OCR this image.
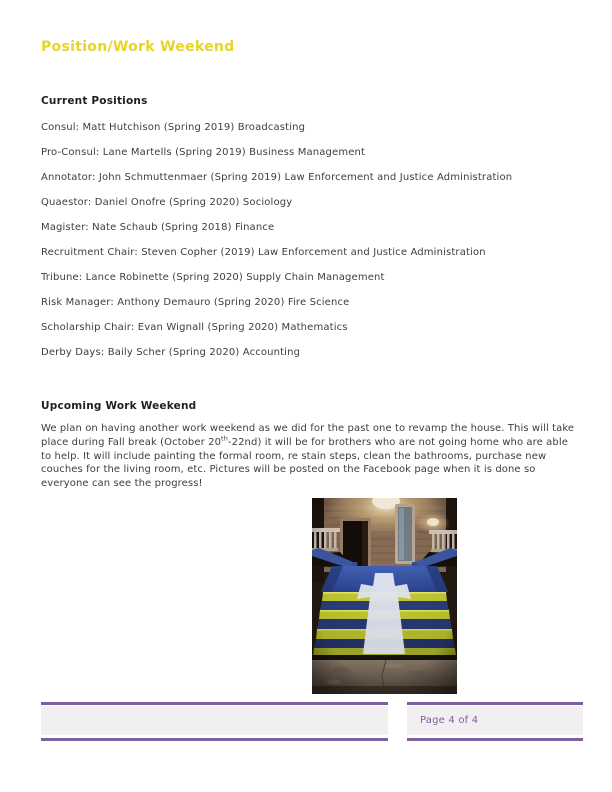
Position/Work Weekend
Current Positions

Consul: Matt Hutchison (Spring 2019) Broadcasting

Pro-Consul: Lane Martells (Spring 2019) Business Management

Annotator: John Schmuttenmaer (Spring 2019) Law Enforcement and Justice Administration

Quaestor: Daniel Onofre (Spring 2020) Sociology

Magister: Nate Schaub (Spring 2018) Finance

Recruitment Chair: Steven Copher (2019) Law Enforcement and Justice Administration

Tribune: Lance Robinette (Spring 2020) Supply Chain Management

Risk Manager: Anthony Demauro (Spring 2020) Fire Science

Scholarship Chair: Evan Wignall (Spring 2020) Mathematics

Derby Days: Baily Scher (Spring 2020) Accounting

Upcoming Work Weekend

We plan on having another work weekend as we did for the past one to revamp the house. This will take place during Fall break (October 20th-22nd) it will be for brothers who are not going home who are able to help. It will include painting the formal room, re stain steps, clean the bathrooms, purchase new couches for the living room, etc. Pictures will be posted on the Facebook page when it is done so everyone can see the progress!

Page 4 of 4
